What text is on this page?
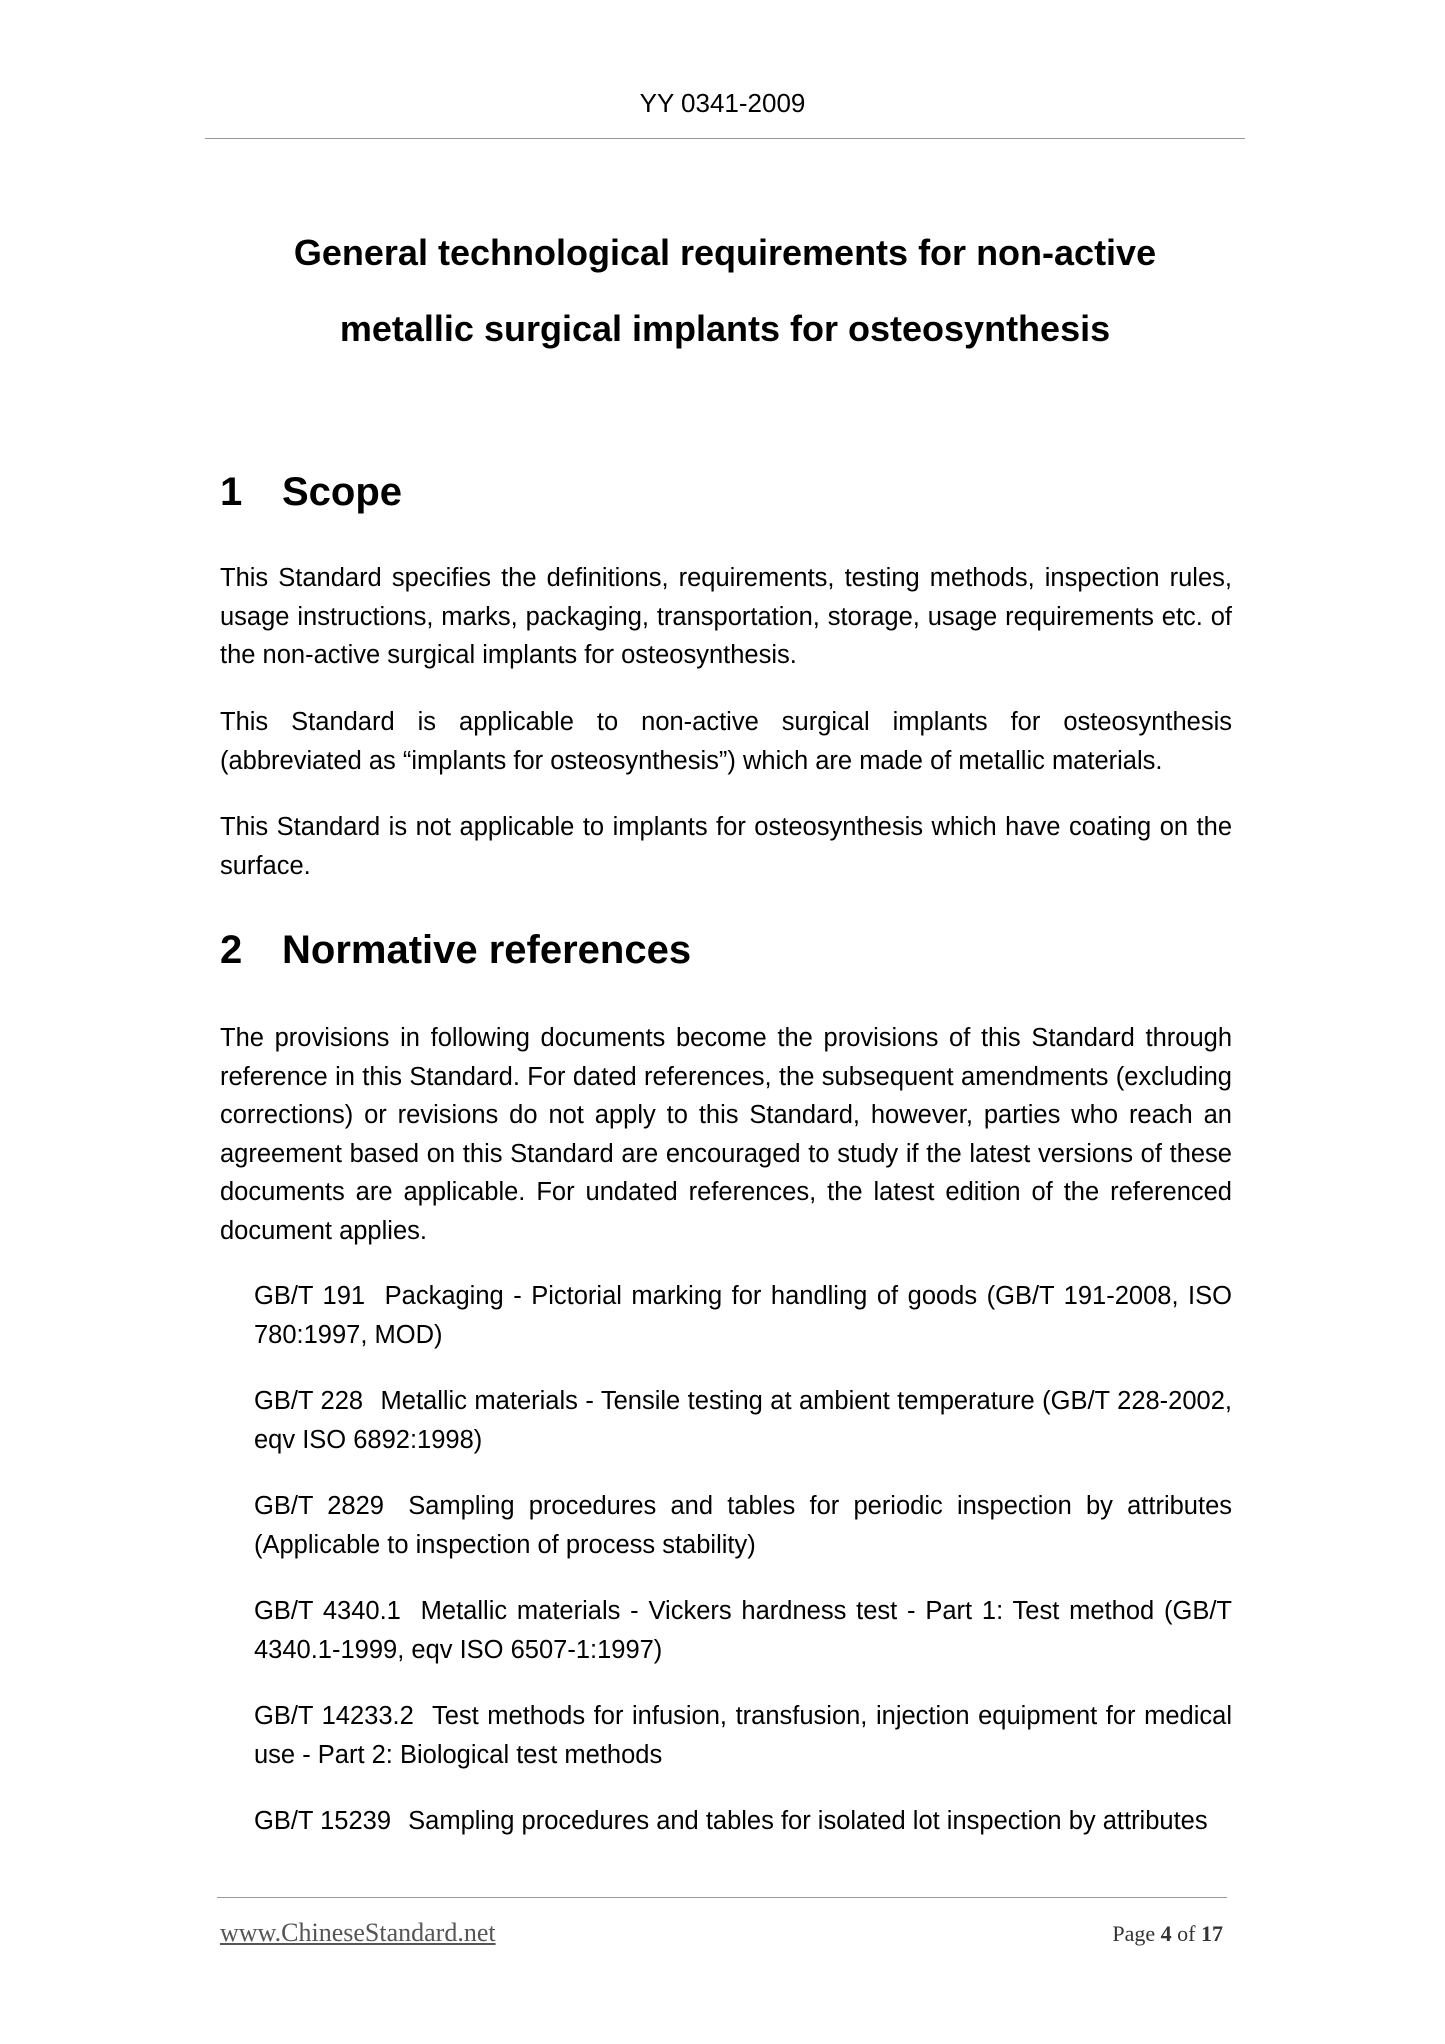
YY 0341-2009
General technological requirements for non-active
metallic surgical implants for osteosynthesis
1 Scope

This Standard specifies the definitions, requirements, testing methods, inspection rules, usage instructions, marks, packaging, transportation, storage, usage requirements etc. of the non-active surgical implants for osteosynthesis.

This Standard is applicable to non-active surgical implants for osteosynthesis (abbreviated as “implants for osteosynthesis”) which are made of metallic materials.

This Standard is not applicable to implants for osteosynthesis which have coating on the surface.

2 Normative references

The provisions in following documents become the provisions of this Standard through reference in this Standard. For dated references, the subsequent amendments (excluding corrections) or revisions do not apply to this Standard, however, parties who reach an agreement based on this Standard are encouraged to study if the latest versions of these documents are applicable. For undated references, the latest edition of the referenced document applies.

GB/T 191 Packaging - Pictorial marking for handling of goods (GB/T 191-2008, ISO 780:1997, MOD)

GB/T 228 Metallic materials - Tensile testing at ambient temperature (GB/T 228-2002, eqv ISO 6892:1998)

GB/T 2829 Sampling procedures and tables for periodic inspection by attributes (Applicable to inspection of process stability)

GB/T 4340.1 Metallic materials - Vickers hardness test - Part 1: Test method (GB/T 4340.1-1999, eqv ISO 6507-1:1997)

GB/T 14233.2 Test methods for infusion, transfusion, injection equipment for medical use - Part 2: Biological test methods

GB/T 15239 Sampling procedures and tables for isolated lot inspection by attributes

www.ChineseStandard.net	Page 4 of 17
